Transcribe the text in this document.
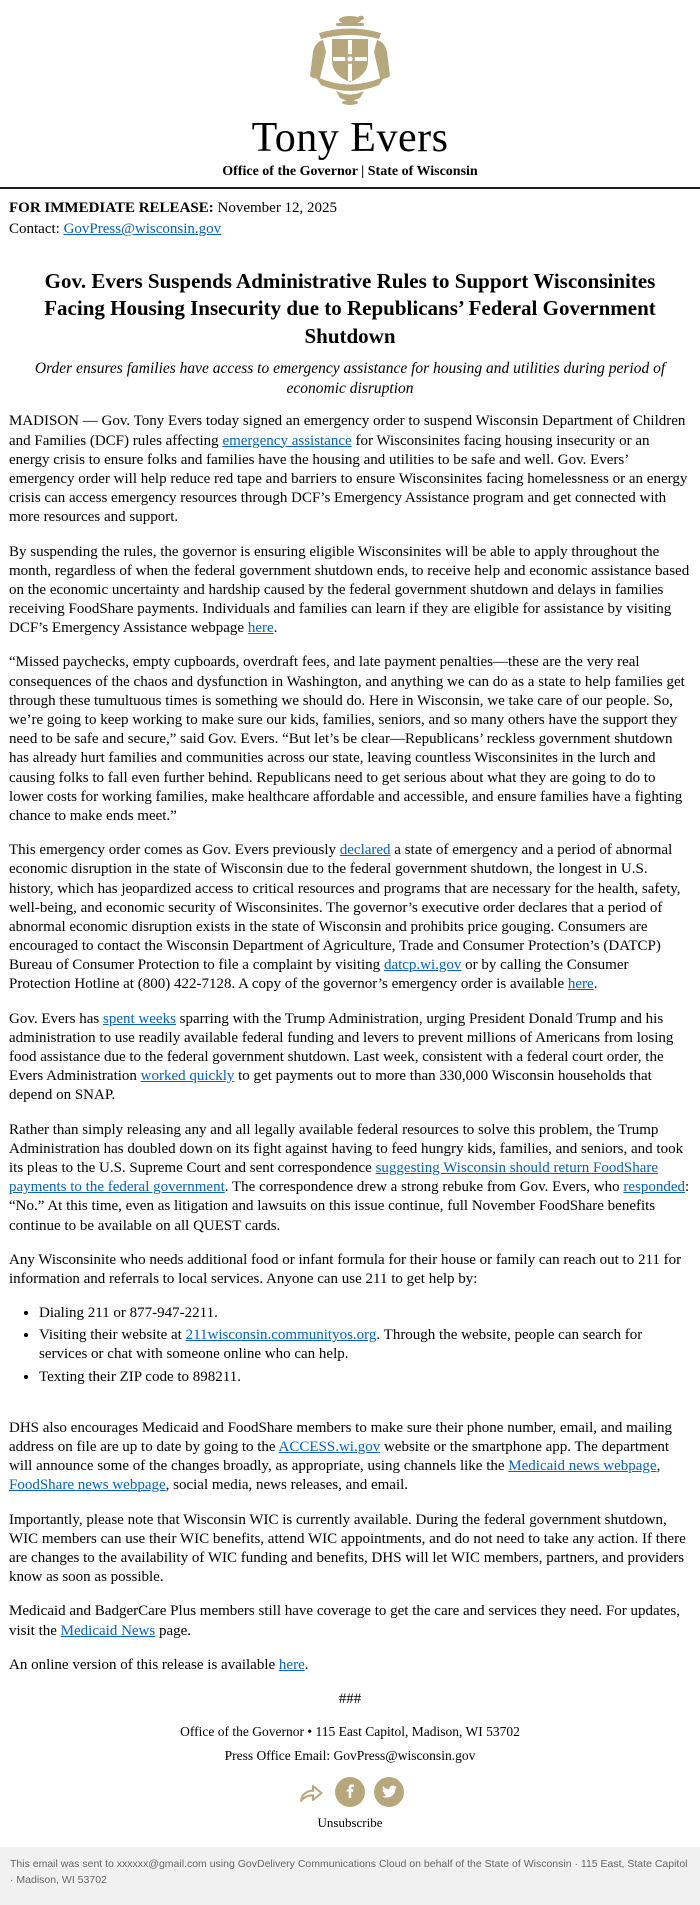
Tony Evers
Office of the Governor | State of Wisconsin
FOR IMMEDIATE RELEASE: November 12, 2025
Contact: GovPress@wisconsin.gov
Gov. Evers Suspends Administrative Rules to Support Wisconsinites Facing Housing Insecurity due to Republicans’ Federal Government Shutdown
Order ensures families have access to emergency assistance for housing and utilities during period of economic disruption

MADISON — Gov. Tony Evers today signed an emergency order to suspend Wisconsin Department of Children and Families (DCF) rules affecting emergency assistance for Wisconsinites facing housing insecurity or an energy crisis to ensure folks and families have the housing and utilities to be safe and well. Gov. Evers’ emergency order will help reduce red tape and barriers to ensure Wisconsinites facing homelessness or an energy crisis can access emergency resources through DCF’s Emergency Assistance program and get connected with more resources and support.

By suspending the rules, the governor is ensuring eligible Wisconsinites will be able to apply throughout the month, regardless of when the federal government shutdown ends, to receive help and economic assistance based on the economic uncertainty and hardship caused by the federal government shutdown and delays in families receiving FoodShare payments. Individuals and families can learn if they are eligible for assistance by visiting DCF’s Emergency Assistance webpage here.

“Missed paychecks, empty cupboards, overdraft fees, and late payment penalties—these are the very real consequences of the chaos and dysfunction in Washington, and anything we can do as a state to help families get through these tumultuous times is something we should do. Here in Wisconsin, we take care of our people. So, we’re going to keep working to make sure our kids, families, seniors, and so many others have the support they need to be safe and secure,” said Gov. Evers. “But let’s be clear—Republicans’ reckless government shutdown has already hurt families and communities across our state, leaving countless Wisconsinites in the lurch and causing folks to fall even further behind. Republicans need to get serious about what they are going to do to lower costs for working families, make healthcare affordable and accessible, and ensure families have a fighting chance to make ends meet.”

This emergency order comes as Gov. Evers previously declared a state of emergency and a period of abnormal economic disruption in the state of Wisconsin due to the federal government shutdown, the longest in U.S. history, which has jeopardized access to critical resources and programs that are necessary for the health, safety, well-being, and economic security of Wisconsinites. The governor’s executive order declares that a period of abnormal economic disruption exists in the state of Wisconsin and prohibits price gouging. Consumers are encouraged to contact the Wisconsin Department of Agriculture, Trade and Consumer Protection’s (DATCP) Bureau of Consumer Protection to file a complaint by visiting datcp.wi.gov or by calling the Consumer Protection Hotline at (800) 422-7128. A copy of the governor’s emergency order is available here.

Gov. Evers has spent weeks sparring with the Trump Administration, urging President Donald Trump and his administration to use readily available federal funding and levers to prevent millions of Americans from losing food assistance due to the federal government shutdown. Last week, consistent with a federal court order, the Evers Administration worked quickly to get payments out to more than 330,000 Wisconsin households that depend on SNAP.

Rather than simply releasing any and all legally available federal resources to solve this problem, the Trump Administration has doubled down on its fight against having to feed hungry kids, families, and seniors, and took its pleas to the U.S. Supreme Court and sent correspondence suggesting Wisconsin should return FoodShare payments to the federal government. The correspondence drew a strong rebuke from Gov. Evers, who responded: “No.” At this time, even as litigation and lawsuits on this issue continue, full November FoodShare benefits continue to be available on all QUEST cards.

Any Wisconsinite who needs additional food or infant formula for their house or family can reach out to 211 for information and referrals to local services. Anyone can use 211 to get help by:

• Dialing 211 or 877-947-2211.
• Visiting their website at 211wisconsin.communityos.org. Through the website, people can search for services or chat with someone online who can help.
• Texting their ZIP code to 898211.

DHS also encourages Medicaid and FoodShare members to make sure their phone number, email, and mailing address on file are up to date by going to the ACCESS.wi.gov website or the smartphone app. The department will announce some of the changes broadly, as appropriate, using channels like the Medicaid news webpage, FoodShare news webpage, social media, news releases, and email.

Importantly, please note that Wisconsin WIC is currently available. During the federal government shutdown, WIC members can use their WIC benefits, attend WIC appointments, and do not need to take any action. If there are changes to the availability of WIC funding and benefits, DHS will let WIC members, partners, and providers know as soon as possible.

Medicaid and BadgerCare Plus members still have coverage to get the care and services they need. For updates, visit the Medicaid News page.

An online version of this release is available here.

###
Office of the Governor • 115 East Capitol, Madison, WI 53702
Press Office Email: GovPress@wisconsin.gov
Unsubscribe
This email was sent to xxxxxx@gmail.com using GovDelivery Communications Cloud on behalf of the State of Wisconsin · 115 East, State Capitol · Madison, WI 53702
